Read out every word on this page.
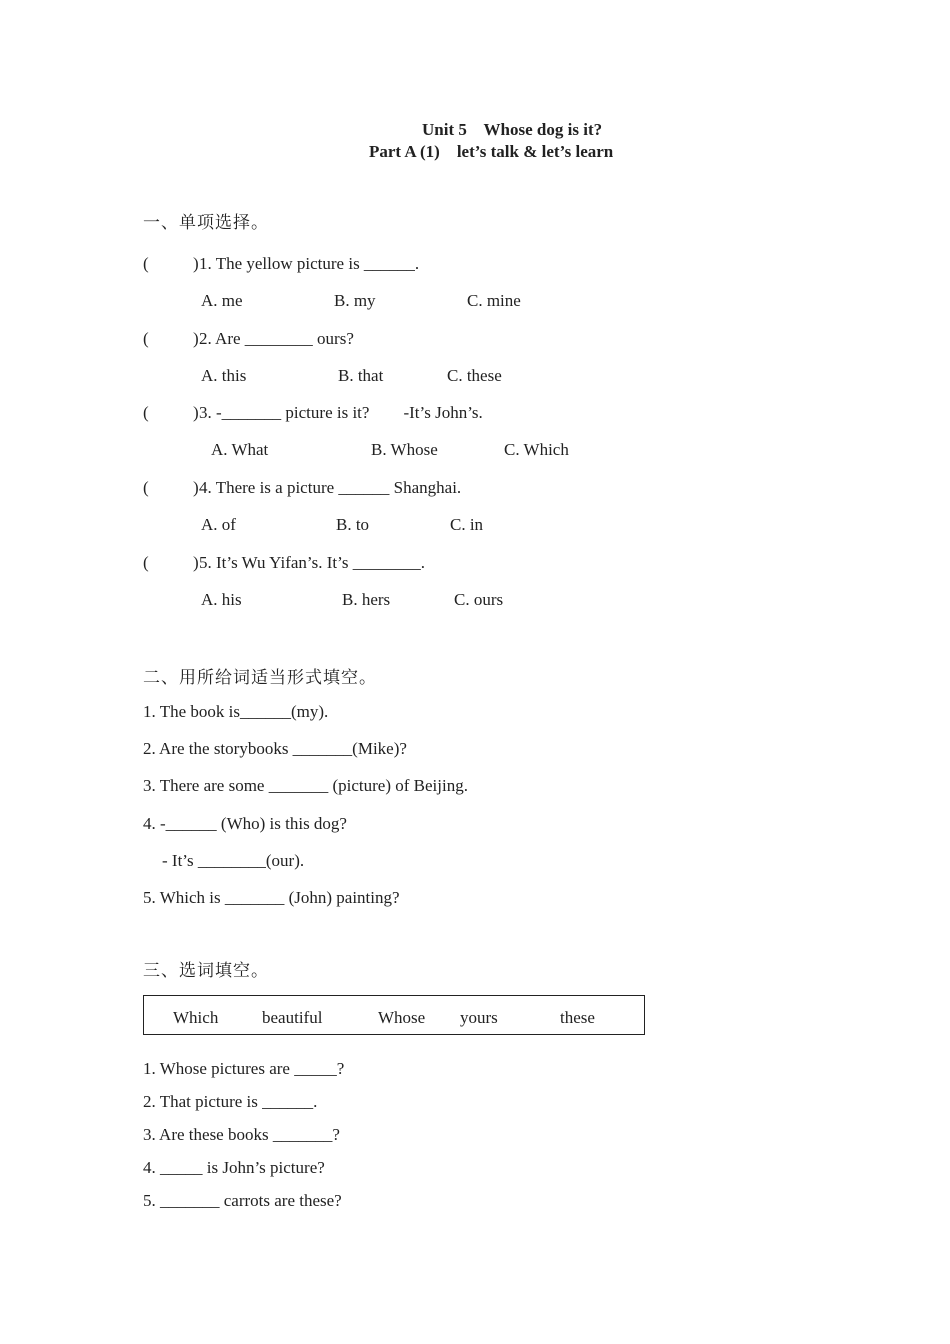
Unit 5    Whose dog is it?
Part A (1)    let’s talk & let’s learn
一、单项选择。
(	) 1. The yellow picture is ______.
A. me	B. my	C. mine
(	) 2. Are ________ ours?
A. this	B. that	C. these
(	) 3. -_______ picture is it?        -It’s John’s.
A. What	B. Whose	C. Which
(	) 4. There is a picture ______ Shanghai.
A. of	B. to	C. in
(	) 5. It’s Wu Yifan’s. It’s ________.
A. his	B. hers	C. ours
二、用所给词适当形式填空。
1. The book is______(my).
2. Are the storybooks _______(Mike)?
3. There are some _______ (picture) of Beijing.
4. -______ (Who) is this dog?
- It’s ________(our).
5. Which is _______ (John) painting?
三、选词填空。
Which	beautiful	Whose yours	these
1. Whose pictures are _____?
2. That picture is ______.
3. Are these books _______?
4. _____ is John’s picture?
5. _______ carrots are these?
